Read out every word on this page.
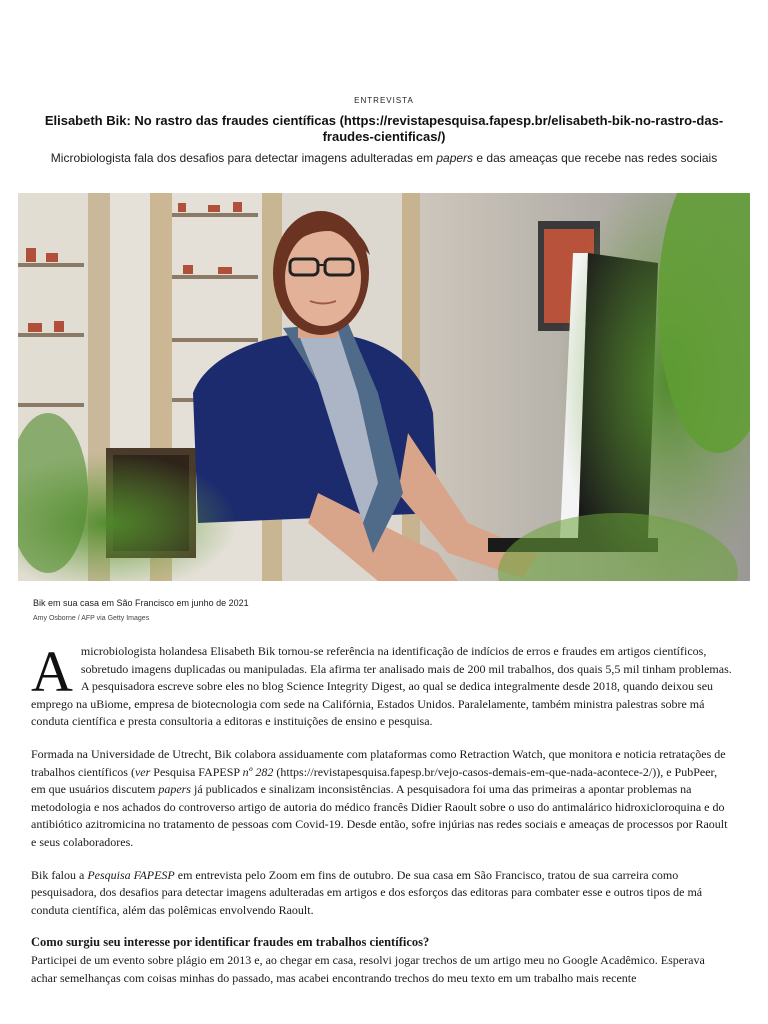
ENTREVISTA
Elisabeth Bik: No rastro das fraudes científicas (https://revistapesquisa.fapesp.br/elisabeth-bik-no-rastro-das-fraudes-cientificas/)
Microbiologista fala dos desafios para detectar imagens adulteradas em papers e das ameaças que recebe nas redes sociais
Bik em sua casa em São Francisco em junho de 2021
Amy Osborne / AFP via Getty Images

Amicrobiologista holandesa Elisabeth Bik tornou-se referência na identificação de indícios de erros e fraudes em artigos científicos, sobretudo imagens duplicadas ou manipuladas. Ela afirma ter analisado mais de 200 mil trabalhos, dos quais 5,5 mil tinham problemas. A pesquisadora escreve sobre eles no blog Science Integrity Digest, ao qual se dedica integralmente desde 2018, quando deixou seu emprego na uBiome, empresa de biotecnologia com sede na Califórnia, Estados Unidos. Paralelamente, também ministra palestras sobre má conduta científica e presta consultoria a editoras e instituições de ensino e pesquisa.

Formada na Universidade de Utrecht, Bik colabora assiduamente com plataformas como Retraction Watch, que monitora e noticia retratações de trabalhos científicos (ver Pesquisa FAPESP nº 282 (https://revistapesquisa.fapesp.br/vejo-casos-demais-em-que-nada-acontece-2/)), e PubPeer, em que usuários discutem papers já publicados e sinalizam inconsistências. A pesquisadora foi uma das primeiras a apontar problemas na metodologia e nos achados do controverso artigo de autoria do médico francês Didier Raoult sobre o uso do antimalárico hidroxicloroquina e do antibiótico azitromicina no tratamento de pessoas com Covid-19. Desde então, sofre injúrias nas redes sociais e ameaças de processos por Raoult e seus colaboradores.

Bik falou a Pesquisa FAPESP em entrevista pelo Zoom em fins de outubro. De sua casa em São Francisco, tratou de sua carreira como pesquisadora, dos desafios para detectar imagens adulteradas em artigos e dos esforços das editoras para combater esse e outros tipos de má conduta científica, além das polêmicas envolvendo Raoult.

Como surgiu seu interesse por identificar fraudes em trabalhos científicos?

Participei de um evento sobre plágio em 2013 e, ao chegar em casa, resolvi jogar trechos de um artigo meu no Google Acadêmico. Esperava achar semelhanças com coisas minhas do passado, mas acabei encontrando trechos do meu texto em um trabalho mais recente
